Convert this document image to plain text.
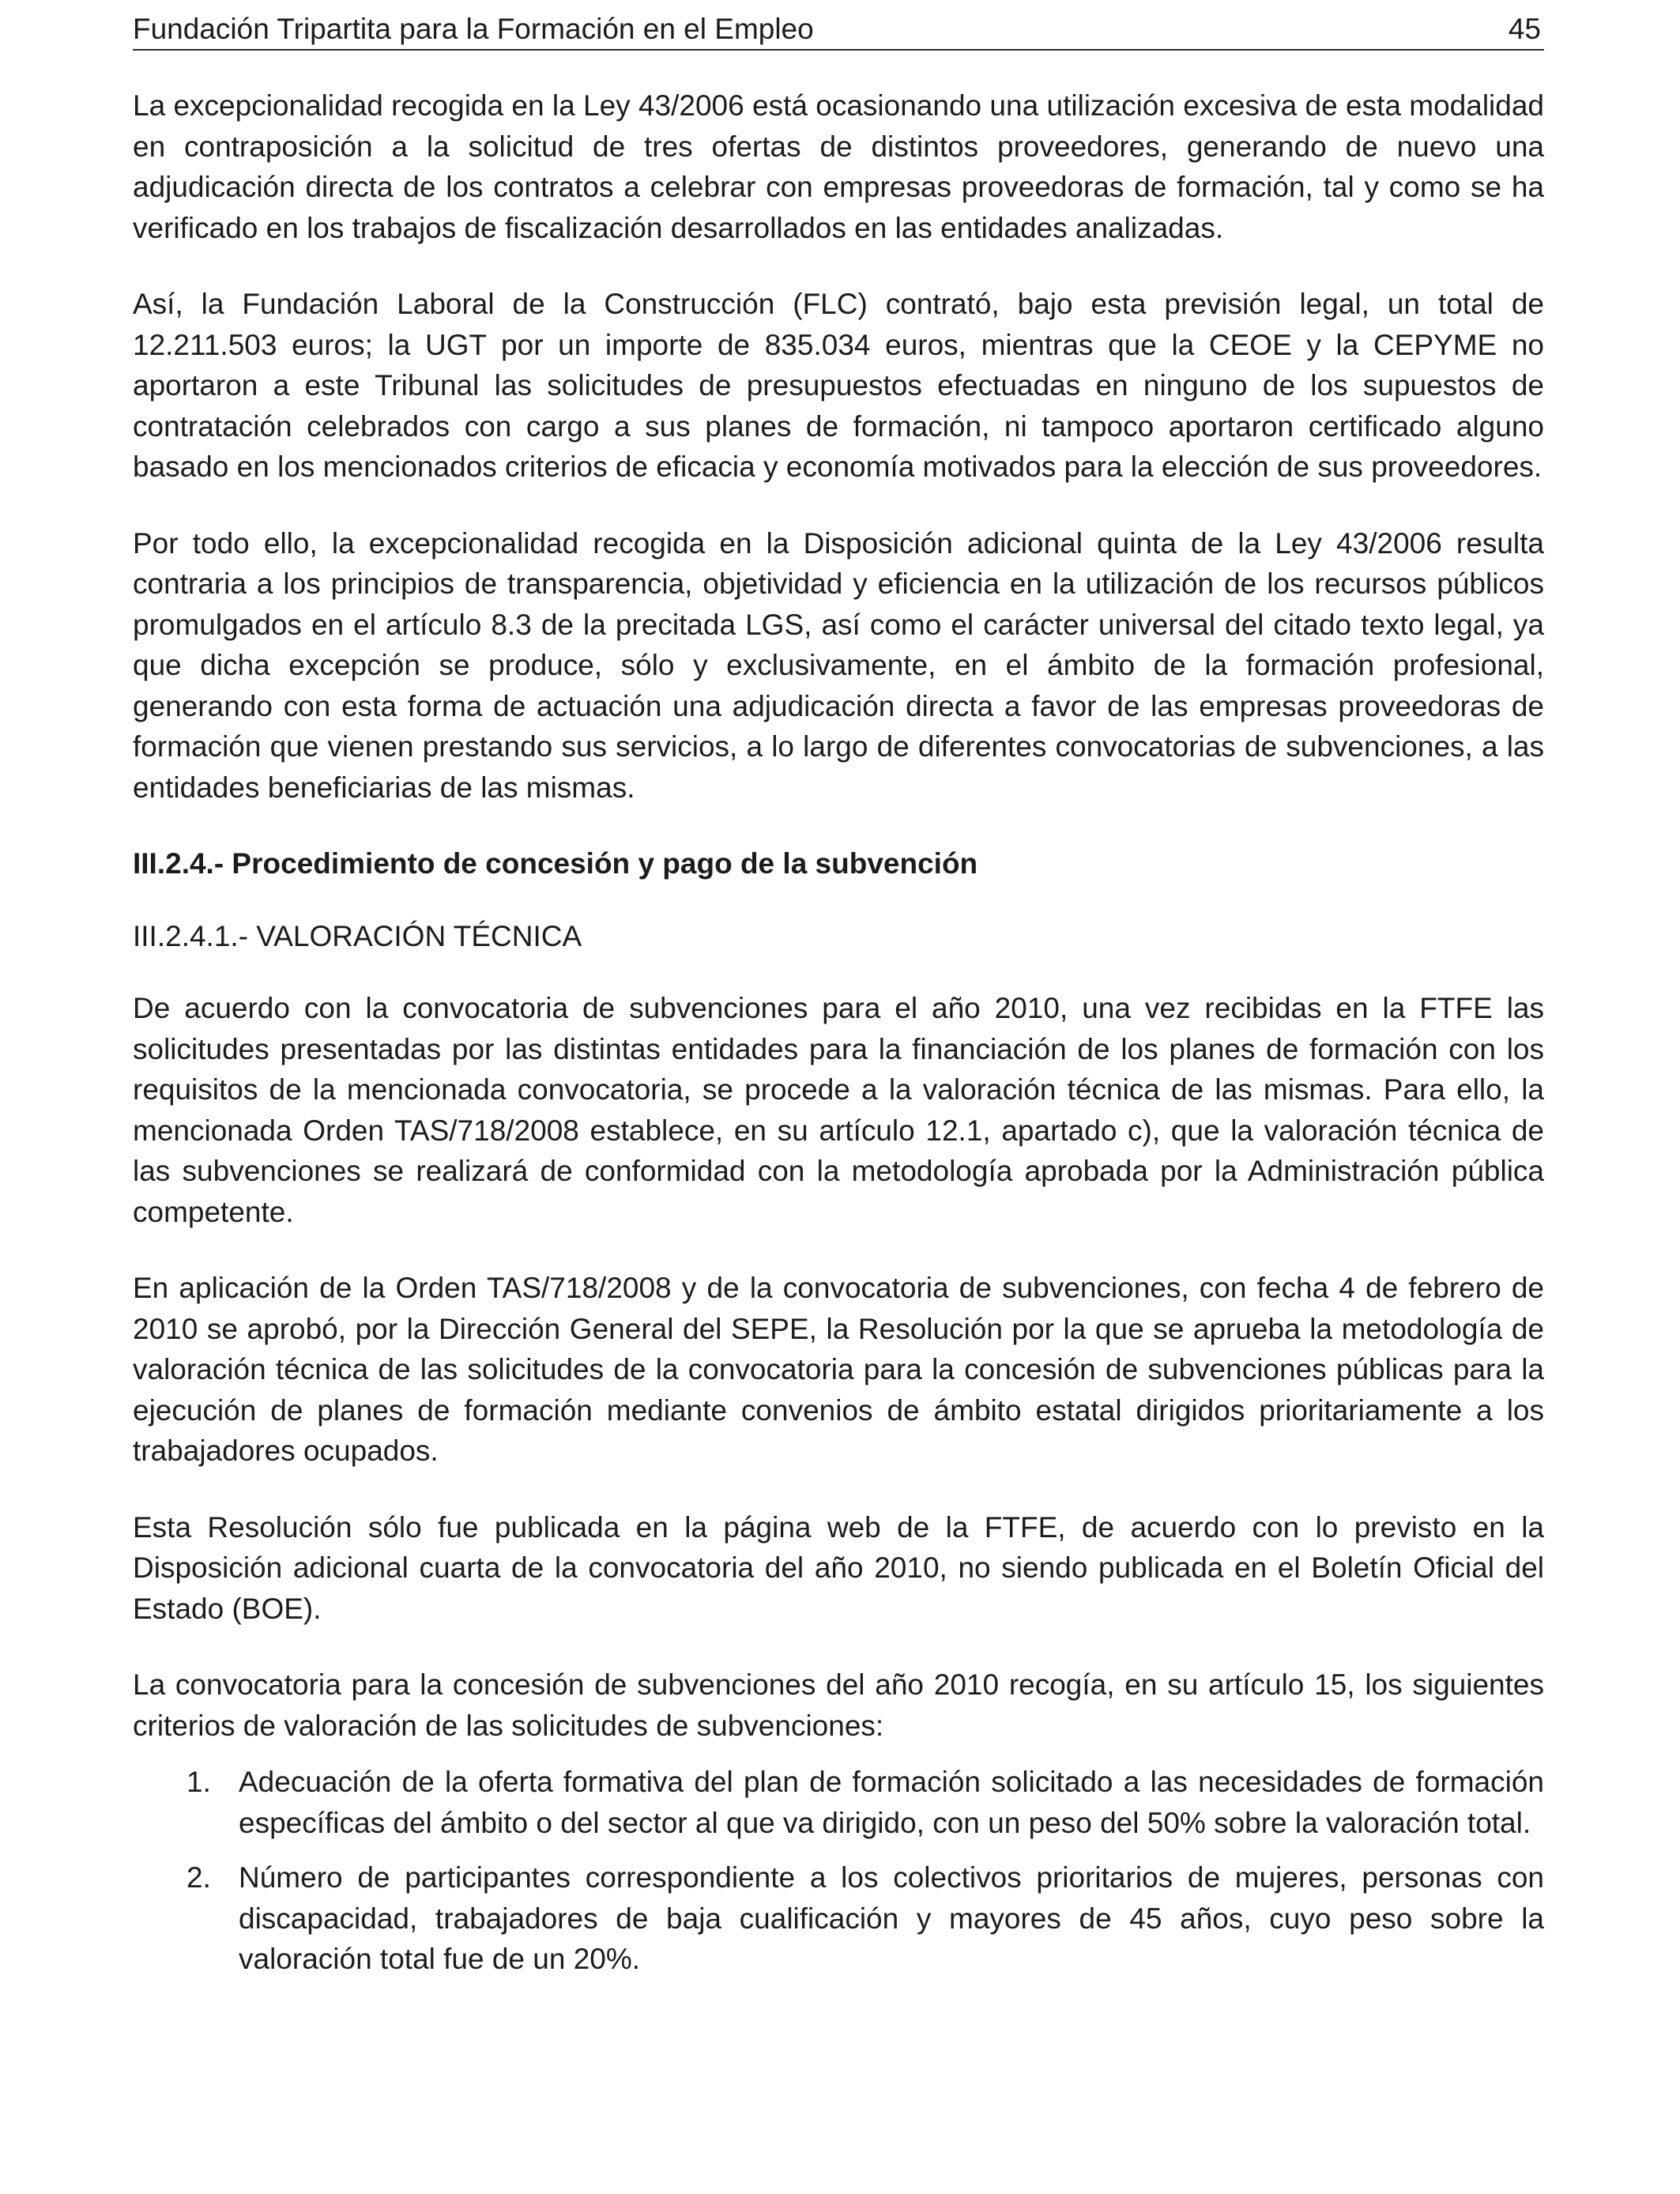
Fundación Tripartita para la Formación en el Empleo	45

La excepcionalidad recogida en la Ley 43/2006 está ocasionando una utilización excesiva de esta modalidad en contraposición a la solicitud de tres ofertas de distintos proveedores, generando de nuevo una adjudicación directa de los contratos a celebrar con empresas proveedoras de formación, tal y como se ha verificado en los trabajos de fiscalización desarrollados en las entidades analizadas.

Así, la Fundación Laboral de la Construcción (FLC) contrató, bajo esta previsión legal, un total de 12.211.503 euros; la UGT por un importe de 835.034 euros, mientras que la CEOE y la CEPYME no aportaron a este Tribunal las solicitudes de presupuestos efectuadas en ninguno de los supuestos de contratación celebrados con cargo a sus planes de formación, ni tampoco aportaron certificado alguno basado en los mencionados criterios de eficacia y economía motivados para la elección de sus proveedores.

Por todo ello, la excepcionalidad recogida en la Disposición adicional quinta de la Ley 43/2006 resulta contraria a los principios de transparencia, objetividad y eficiencia en la utilización de los recursos públicos promulgados en el artículo 8.3 de la precitada LGS, así como el carácter universal del citado texto legal, ya que dicha excepción se produce, sólo y exclusivamente, en el ámbito de la formación profesional, generando con esta forma de actuación una adjudicación directa a favor de las empresas proveedoras de formación que vienen prestando sus servicios, a lo largo de diferentes convocatorias de subvenciones, a las entidades beneficiarias de las mismas.

III.2.4.- Procedimiento de concesión y pago de la subvención
III.2.4.1.- VALORACIÓN TÉCNICA

De acuerdo con la convocatoria de subvenciones para el año 2010, una vez recibidas en la FTFE las solicitudes presentadas por las distintas entidades para la financiación de los planes de formación con los requisitos de la mencionada convocatoria, se procede a la valoración técnica de las mismas. Para ello, la mencionada Orden TAS/718/2008 establece, en su artículo 12.1, apartado c), que la valoración técnica de las subvenciones se realizará de conformidad con la metodología aprobada por la Administración pública competente.

En aplicación de la Orden TAS/718/2008 y de la convocatoria de subvenciones, con fecha 4 de febrero de 2010 se aprobó, por la Dirección General del SEPE, la Resolución por la que se aprueba la metodología de valoración técnica de las solicitudes de la convocatoria para la concesión de subvenciones públicas para la ejecución de planes de formación mediante convenios de ámbito estatal dirigidos prioritariamente a los trabajadores ocupados.

Esta Resolución sólo fue publicada en la página web de la FTFE, de acuerdo con lo previsto en la Disposición adicional cuarta de la convocatoria del año 2010, no siendo publicada en el Boletín Oficial del Estado (BOE).

La convocatoria para la concesión de subvenciones del año 2010 recogía, en su artículo 15, los siguientes criterios de valoración de las solicitudes de subvenciones:

1. Adecuación de la oferta formativa del plan de formación solicitado a las necesidades de formación específicas del ámbito o del sector al que va dirigido, con un peso del 50% sobre la valoración total.
2. Número de participantes correspondiente a los colectivos prioritarios de mujeres, personas con discapacidad, trabajadores de baja cualificación y mayores de 45 años, cuyo peso sobre la valoración total fue de un 20%.
